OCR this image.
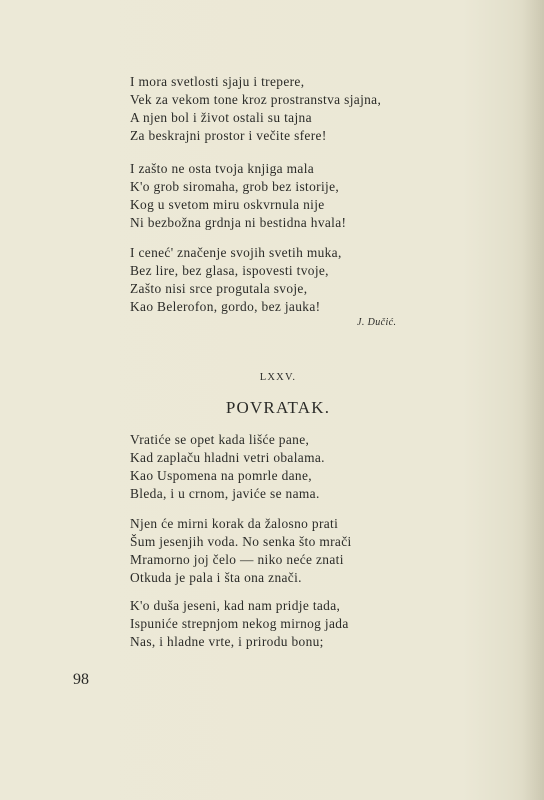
I mora svetlosti sjaju i trepere,
Vek za vekom tone kroz prostranstva sjajna,
A njen bol i život ostali su tajna
Za beskrajni prostor i večite sfere!
I zašto ne osta tvoja knjiga mala
K'o grob siromaha, grob bez istorije,
Kog u svetom miru oskvrnula nije
Ni bezbožna grdnja ni bestidna hvala!
I cenеć' značenje svojih svetih muka,
Bez lire, bez glasa, ispovesti tvoje,
Zašto nisi srce progutala svoje,
Kao Belerofon, gordo, bez jauka!
J. Dučić.
LXXV.
POVRATAK.
Vratiće se opet kada lišće pane,
Kad zaplaču hladni vetri obalama.
Kao Uspomena na pomrle dane,
Bleda, i u crnom, javiće se nama.
Njen će mirni korak da žalosno prati
Šum jesenjih voda. No senka što mrači
Mramorno joj čelo — niko neće znati
Otkuda je pala i šta ona znači.
K'o duša jeseni, kad nam pridje tada,
Ispuniće strepnjom nekog mirnog jada
Nas, i hladne vrte, i prirodu bonu;
98
